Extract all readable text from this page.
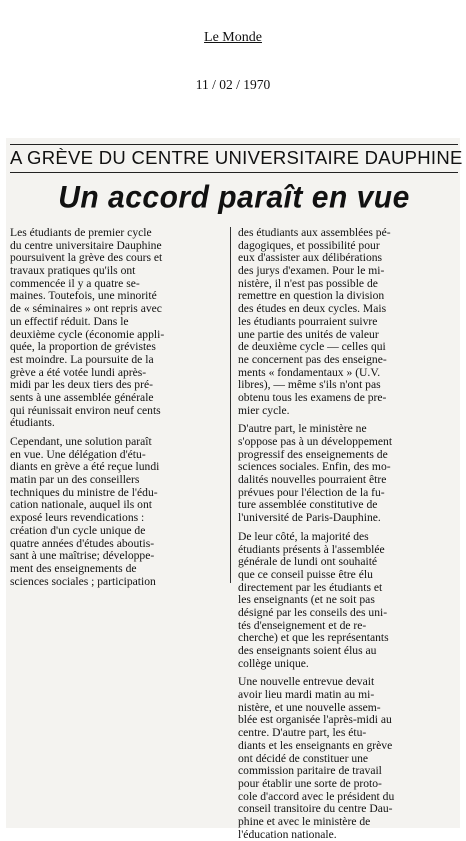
Le Monde
11 / 02 / 1970
A GRÈVE DU CENTRE UNIVERSITAIRE DAUPHINE
Un accord paraît en vue
Les étudiants de premier cycle
du centre universitaire Dauphine
poursuivent la grève des cours et
travaux pratiques qu'ils ont
commencée il y a quatre se-
maines. Toutefois, une minorité
de « séminaires » ont repris avec
un effectif réduit. Dans le
deuxième cycle (économie appli-
quée, la proportion de grévistes
est moindre. La poursuite de la
grève a été votée lundi après-
midi par les deux tiers des pré-
sents à une assemblée générale
qui réunissait environ neuf cents
étudiants.
Cependant, une solution paraît
en vue. Une délégation d'étu-
diants en grève a été reçue lundi
matin par un des conseillers
techniques du ministre de l'édu-
cation nationale, auquel ils ont
exposé leurs revendications :
création d'un cycle unique de
quatre années d'études aboutis-
sant à une maîtrise; développe-
ment des enseignements de
sciences sociales ; participation
des étudiants aux assemblées pé-
dagogiques, et possibilité pour
eux d'assister aux délibérations
des jurys d'examen. Pour le mi-
nistère, il n'est pas possible de
remettre en question la division
des études en deux cycles. Mais
les étudiants pourraient suivre
une partie des unités de valeur
de deuxième cycle — celles qui
ne concernent pas des enseigne-
ments « fondamentaux » (U.V.
libres), — même s'ils n'ont pas
obtenu tous les examens de pre-
mier cycle.
D'autre part, le ministère ne
s'oppose pas à un développement
progressif des enseignements de
sciences sociales. Enfin, des mo-
dalités nouvelles pourraient être
prévues pour l'élection de la fu-
ture assemblée constitutive de
l'université de Paris-Dauphine.
De leur côté, la majorité des
étudiants présents à l'assemblée
générale de lundi ont souhaité
que ce conseil puisse être élu
directement par les étudiants et
les enseignants (et ne soit pas
désigné par les conseils des uni-
tés d'enseignement et de re-
cherche) et que les représentants
des enseignants soient élus au
collège unique.
Une nouvelle entrevue devait
avoir lieu mardi matin au mi-
nistère, et une nouvelle assem-
blée est organisée l'après-midi au
centre. D'autre part, les étu-
diants et les enseignants en grève
ont décidé de constituer une
commission paritaire de travail
pour établir une sorte de proto-
cole d'accord avec le président du
conseil transitoire du centre Dau-
phine et avec le ministère de
l'éducation nationale.
